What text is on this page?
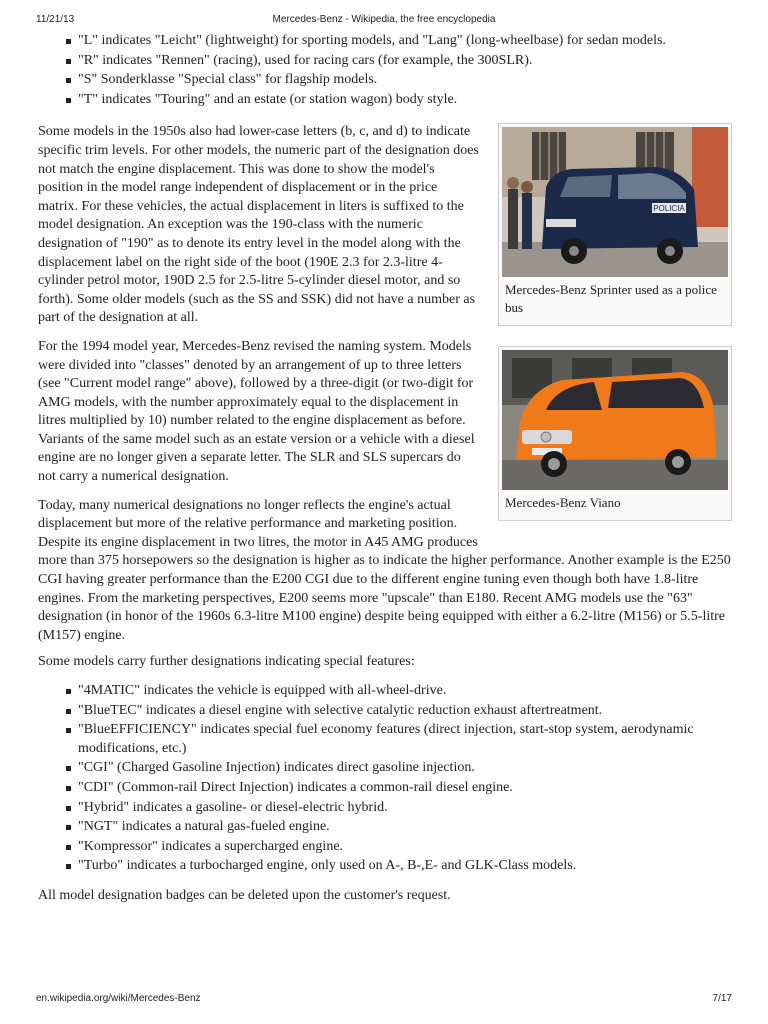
11/21/13	Mercedes-Benz - Wikipedia, the free encyclopedia
"L" indicates "Leicht" (lightweight) for sporting models, and "Lang" (long-wheelbase) for sedan models.
"R" indicates "Rennen" (racing), used for racing cars (for example, the 300SLR).
"S" Sonderklasse "Special class" for flagship models.
"T" indicates "Touring" and an estate (or station wagon) body style.
POLICIA
Mercedes-Benz Sprinter used as a police bus

Some models in the 1950s also had lower-case letters (b, c, and d) to indicate specific trim levels. For other models, the numeric part of the designation does not match the engine displacement. This was done to show the model's position in the model range independent of displacement or in the price matrix. For these vehicles, the actual displacement in liters is suffixed to the model designation. An exception was the 190-class with the numeric designation of "190" as to denote its entry level in the model along with the displacement label on the right side of the boot (190E 2.3 for 2.3-litre 4-cylinder petrol motor, 190D 2.5 for 2.5-litre 5-cylinder diesel motor, and so forth). Some older models (such as the SS and SSK) did not have a number as part of the designation at all.

Mercedes-Benz Viano

For the 1994 model year, Mercedes-Benz revised the naming system. Models were divided into "classes" denoted by an arrangement of up to three letters (see "Current model range" above), followed by a three-digit (or two-digit for AMG models, with the number approximately equal to the displacement in litres multiplied by 10) number related to the engine displacement as before. Variants of the same model such as an estate version or a vehicle with a diesel engine are no longer given a separate letter. The SLR and SLS supercars do not carry a numerical designation.

Today, many numerical designations no longer reflects the engine's actual displacement but more of the relative performance and marketing position. Despite its engine displacement in two litres, the motor in A45 AMG produces more than 375 horsepowers so the designation is higher as to indicate the higher performance. Another example is the E250 CGI having greater performance than the E200 CGI due to the different engine tuning even though both have 1.8-litre engines. From the marketing perspectives, E200 seems more "upscale" than E180. Recent AMG models use the "63" designation (in honor of the 1960s 6.3-litre M100 engine) despite being equipped with either a 6.2-litre (M156) or 5.5-litre (M157) engine.

Some models carry further designations indicating special features:

"4MATIC" indicates the vehicle is equipped with all-wheel-drive.
"BlueTEC" indicates a diesel engine with selective catalytic reduction exhaust aftertreatment.
"BlueEFFICIENCY" indicates special fuel economy features (direct injection, start-stop system, aerodynamic modifications, etc.)
"CGI" (Charged Gasoline Injection) indicates direct gasoline injection.
"CDI" (Common-rail Direct Injection) indicates a common-rail diesel engine.
"Hybrid" indicates a gasoline- or diesel-electric hybrid.
"NGT" indicates a natural gas-fueled engine.
"Kompressor" indicates a supercharged engine.
"Turbo" indicates a turbocharged engine, only used on A-, B-,E- and GLK-Class models.

All model designation badges can be deleted upon the customer's request.

en.wikipedia.org/wiki/Mercedes-Benz	7/17
